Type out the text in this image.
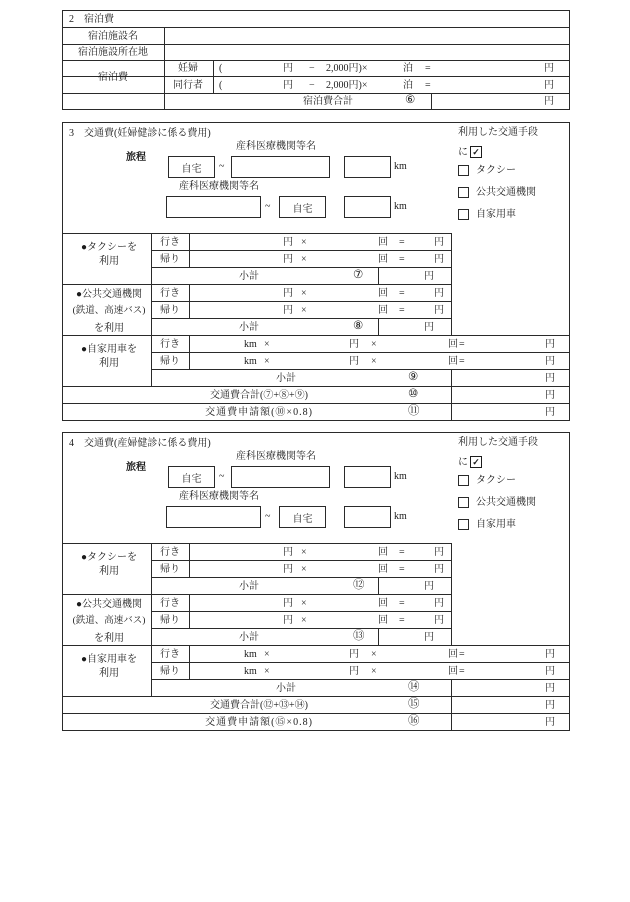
2 宿泊費
宿泊施設名
宿泊施設所在地
宿泊費
妊婦 (	円 − 2,000円)×	泊 =	円
同行者 (	円 − 2,000円)×	泊 =	円
宿泊費合計	⑥	円
3 交通費(妊婦健診に係る費用)
旅程
産科医療機関等名
自宅 ~	km
産科医療機関等名
~ 自宅	km
利用した交通手段
に ✓
タクシー
公共交通機関
自家用車
●タクシーを
利用
行き	円 ×	回 =	円
帰り	円 ×	回 =	円
小計	⑦	円
●公共交通機関
(鉄道、高速バス)
を利用
行き	円 ×	回 =	円
帰り	円 ×	回 =	円
小計	⑧	円
●自家用車を
利用
行き	km ×	円 ×	回 =	円
帰り	km ×	円 ×	回 =	円
小計	⑨	円
交通費合計(⑦+⑧+⑨)	⑩	円
交通費申請額(⑩×0.8)	⑪	円
4 交通費(産婦健診に係る費用)
旅程
産科医療機関等名
自宅 ~	km
産科医療機関等名
~ 自宅	km
利用した交通手段
に ✓
タクシー
公共交通機関
自家用車
●タクシーを
利用
行き	円 ×	回 =	円
帰り	円 ×	回 =	円
小計	⑫	円
●公共交通機関
(鉄道、高速バス)
を利用
行き	円 ×	回 =	円
帰り	円 ×	回 =	円
小計	⑬	円
●自家用車を
利用
行き	km ×	円 ×	回 =	円
帰り	km ×	円 ×	回 =	円
小計	⑭	円
交通費合計(⑫+⑬+⑭)	⑮	円
交通費申請額(⑮×0.8)	⑯	円
